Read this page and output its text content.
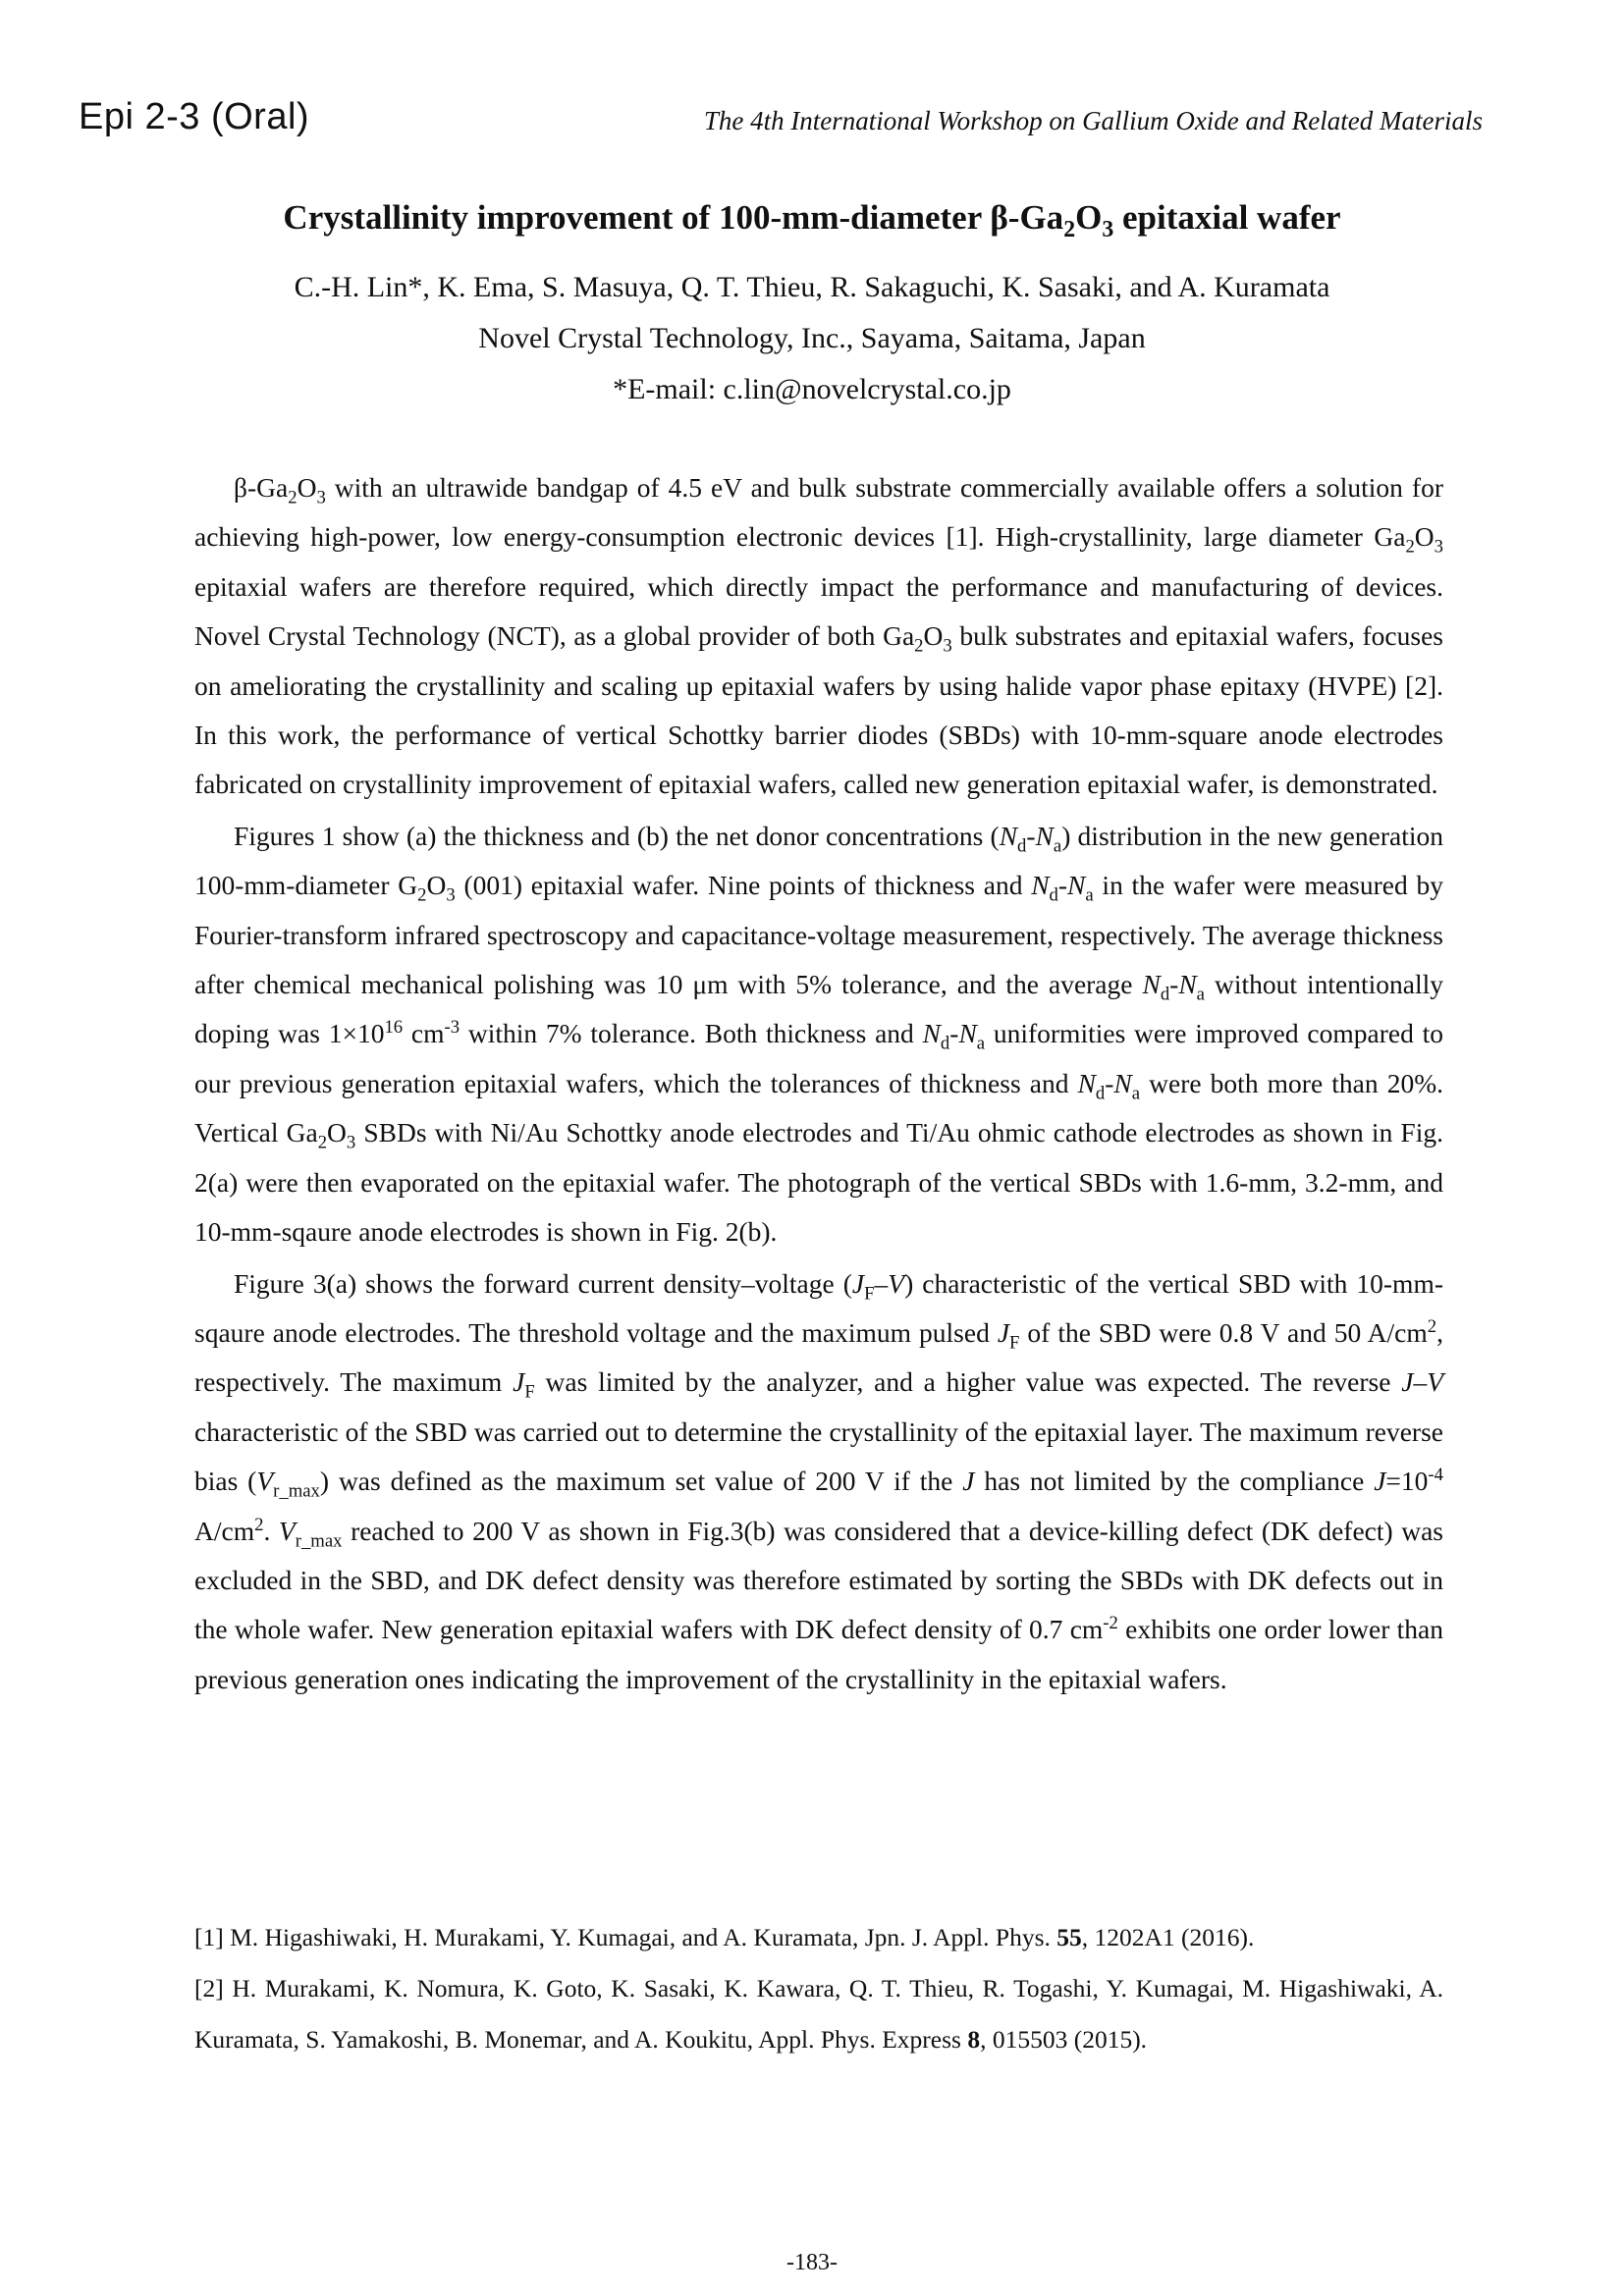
Epi 2-3 (Oral)	The 4th International Workshop on Gallium Oxide and Related Materials
Crystallinity improvement of 100-mm-diameter $\beta-Ga_2O_3$ epitaxial wafer
C.-H. Lin*, K. Ema, S. Masuya, Q. T. Thieu, R. Sakaguchi, K. Sasaki, and A. Kuramata
Novel Crystal Technology, Inc., Sayama, Saitama, Japan
*E-mail: c.lin@novelcrystal.co.jp

$\beta-Ga_2O_3$ with an ultrawide bandgap of 4.5 eV and bulk substrate commercially available offers a solution for achieving high-power, low energy-consumption electronic devices [1]. High-crystallinity, large diameter $Ga_2O_3$ epitaxial wafers are therefore required, which directly impact the performance and manufacturing of devices. Novel Crystal Technology (NCT), as a global provider of both $Ga_2O_3$ bulk substrates and epitaxial wafers, focuses on ameliorating the crystallinity and scaling up epitaxial wafers by using halide vapor phase epitaxy (HVPE) [2]. In this work, the performance of vertical Schottky barrier diodes (SBDs) with 10-mm-square anode electrodes fabricated on crystallinity improvement of epitaxial wafers, called new generation epitaxial wafer, is demonstrated.

Figures 1 show (a) the thickness and (b) the net donor concentrations $(N_d-N_a)$ distribution in the new generation 100-mm-diameter $G_2O_3$ (001) epitaxial wafer. Nine points of thickness and $N_d-N_a$ in the wafer were measured by Fourier-transform infrared spectroscopy and capacitance-voltage measurement, respectively. The average thickness after chemical mechanical polishing was 10 μm with 5% tolerance, and the average $N_d-N_a$ without intentionally doping was $1\times 10^{16}$ $cm^{-3}$ within 7% tolerance. Both thickness and $N_d-N_a$ uniformities were improved compared to our previous generation epitaxial wafers, which the tolerances of thickness and $N_d-N_a$ were both more than 20%. Vertical $Ga_2O_3$ SBDs with Ni/Au Schottky anode electrodes and Ti/Au ohmic cathode electrodes as shown in Fig. 2(a) were then evaporated on the epitaxial wafer. The photograph of the vertical SBDs with 1.6-mm, 3.2-mm, and 10-mm-sqaure anode electrodes is shown in Fig. 2(b).

Figure 3(a) shows the forward current density–voltage $(J_F-V)$ characteristic of the vertical SBD with 10-mm-sqaure anode electrodes. The threshold voltage and the maximum pulsed $J_F$ of the SBD were 0.8 V and 50 $A/cm^2$, respectively. The maximum $J_F$ was limited by the analyzer, and a higher value was expected. The reverse J–V characteristic of the SBD was carried out to determine the crystallinity of the epitaxial layer. The maximum reverse bias $(V_{r\_max})$ was defined as the maximum set value of 200 V if the J has not limited by the compliance $J=10^{-4}$ $A/cm^2$. $V_{r\_max}$ reached to 200 V as shown in Fig.3(b) was considered that a device-killing defect (DK defect) was excluded in the SBD, and DK defect density was therefore estimated by sorting the SBDs with DK defects out in the whole wafer. New generation epitaxial wafers with DK defect density of 0.7 $cm^{-2}$ exhibits one order lower than previous generation ones indicating the improvement of the crystallinity in the epitaxial wafers.

[1] M. Higashiwaki, H. Murakami, Y. Kumagai, and A. Kuramata, Jpn. J. Appl. Phys. 55, 1202A1 (2016).

[2] H. Murakami, K. Nomura, K. Goto, K. Sasaki, K. Kawara, Q. T. Thieu, R. Togashi, Y. Kumagai, M. Higashiwaki, A. Kuramata, S. Yamakoshi, B. Monemar, and A. Koukitu, Appl. Phys. Express 8, 015503 (2015).

-183-
